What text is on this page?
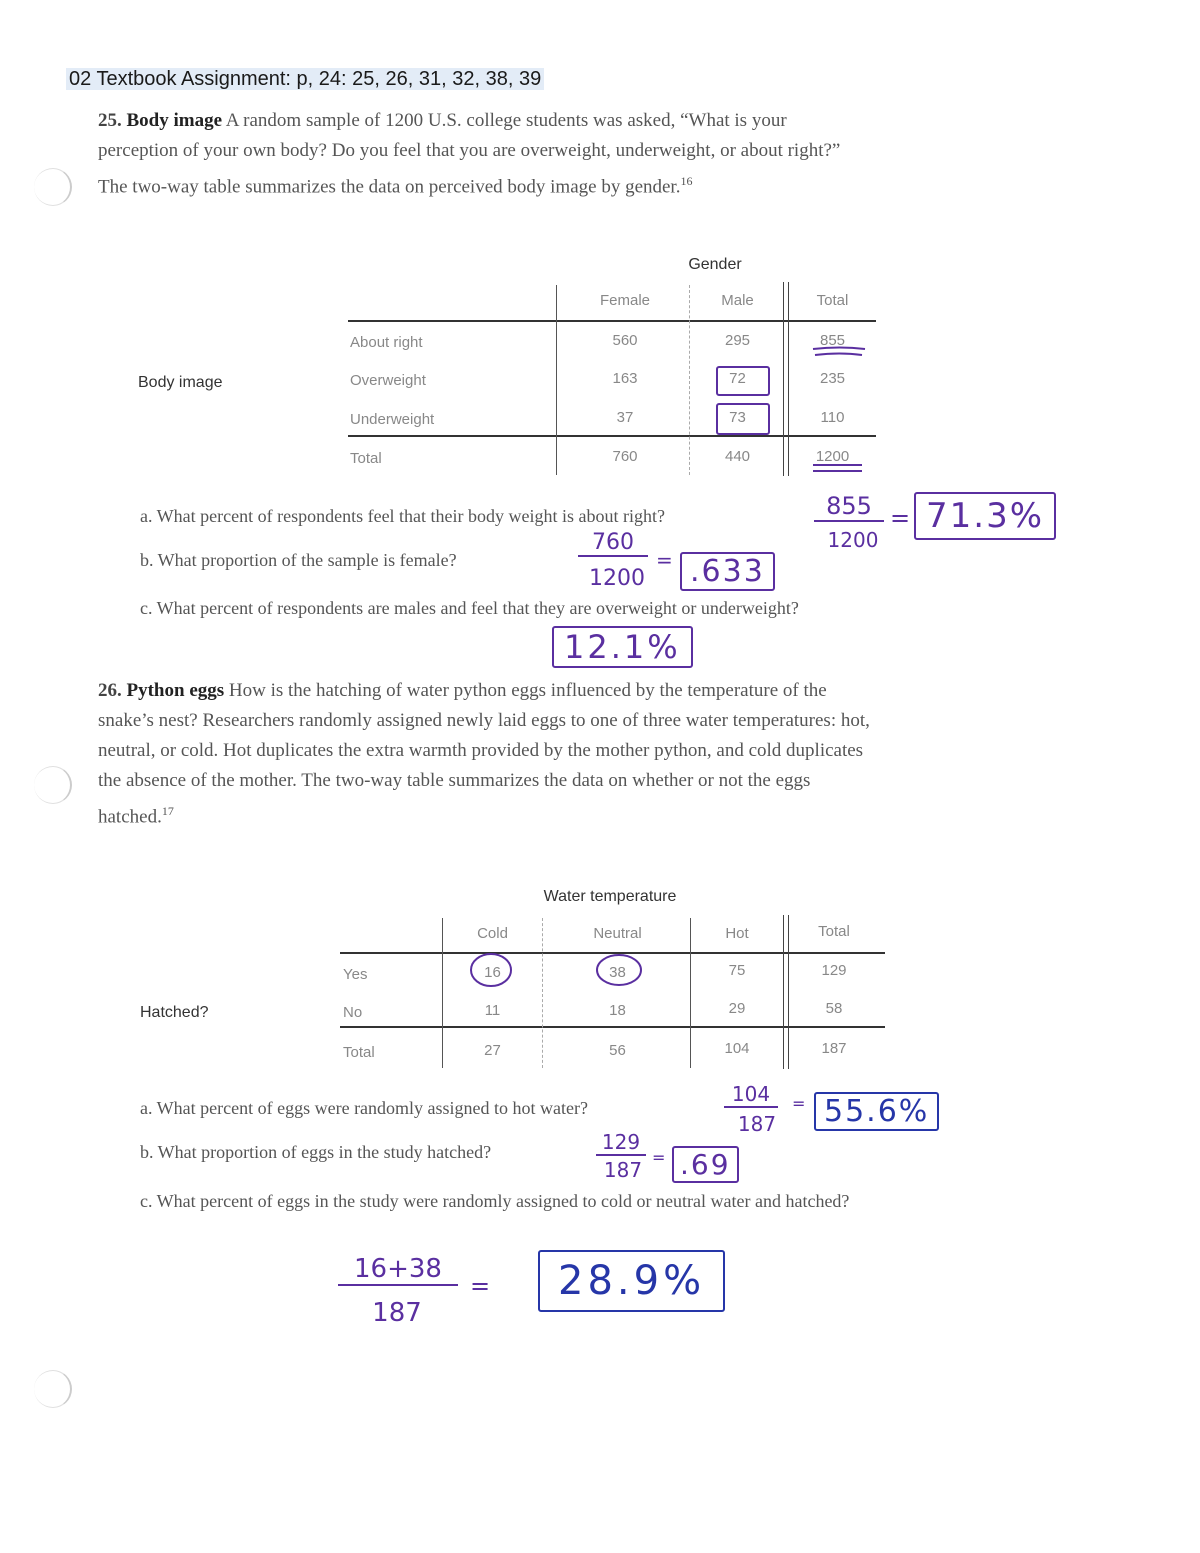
02 Textbook Assignment: p, 24: 25, 26, 31, 32, 38, 39
25. Body image A random sample of 1200 U.S. college students was asked, “What is your perception of your own body? Do you feel that you are overweight, underweight, or about right?” The two-way table summarizes the data on perceived body image by gender.$^{16}$
Gender
Body image
Female	Male	Total
About right	560	295	855
Overweight	163	72	235
Underweight	37	73	110
Total	760	440	1200
a. What percent of respondents feel that their body weight is about right?
b. What proportion of the sample is female?
c. What percent of respondents are males and feel that they are overweight or underweight?
855
1200
= 71.3%
760
1200
= .633
12.1%
26. Python eggs How is the hatching of water python eggs influenced by the temperature of the snake’s nest? Researchers randomly assigned newly laid eggs to one of three water temperatures: hot, neutral, or cold. Hot duplicates the extra warmth provided by the mother python, and cold duplicates the absence of the mother. The two-way table summarizes the data on whether or not the eggs hatched.$^{17}$
Water temperature
Hatched?
Cold	Neutral	Hot	Total
Yes	16	38	75	129
No	11	18	29	58
Total	27	56	104	187
a. What percent of eggs were randomly assigned to hot water?
b. What proportion of eggs in the study hatched?
c. What percent of eggs in the study were randomly assigned to cold or neutral water and hatched?
104
187
= 55.6%
129
187
= .69
16+38
187
=	28.9%
